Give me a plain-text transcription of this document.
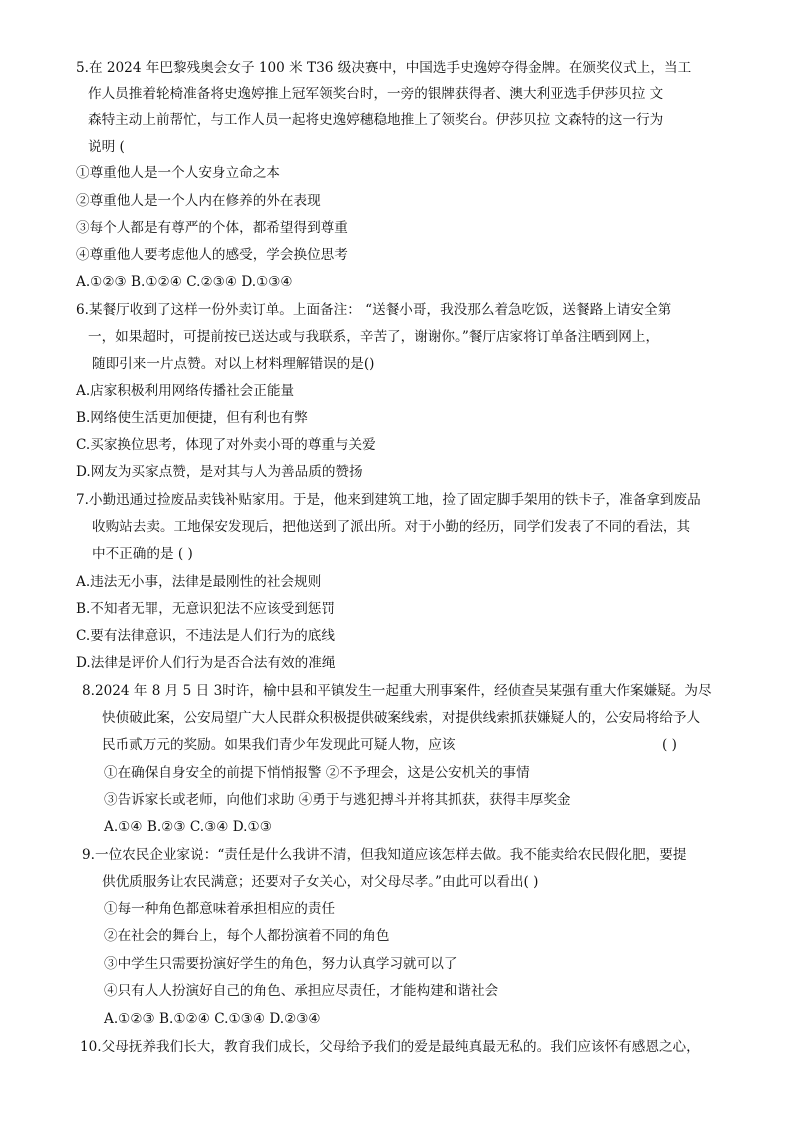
5.在 2024 年巴黎残奥会女子 100 米 T36 级决赛中，中国选手史逸婷夺得金牌。在颁奖仪式上，当工
作人员推着轮椅准备将史逸婷推上冠军领奖台时，一旁的银牌获得者、澳大利亚选手伊莎贝拉 文
森特主动上前帮忙，与工作人员一起将史逸婷穗稳地推上了领奖台。伊莎贝拉 文森特的这一行为
说明 (
①尊重他人是一个人安身立命之本
②尊重他人是一个人内在修养的外在表现
③每个人都是有尊严的个体，都希望得到尊重
④尊重他人要考虑他人的感受，学会换位思考
A.①②③ B.①②④ C.②③④ D.①③④
6.某餐厅收到了这样一份外卖订单。上面备注： “送餐小哥，我没那么着急吃饭，送餐路上请安全第
一，如果超时，可提前按已送达或与我联系，辛苦了，谢谢你。”餐厅店家将订单备注晒到网上，
随即引来一片点赞。对以上材料理解错误的是()
A.店家积极利用网络传播社会正能量
B.网络使生活更加便捷，但有利也有弊
C.买家换位思考，体现了对外卖小哥的尊重与关爱
D.网友为买家点赞，是对其与人为善品质的赞扬
7.小勤迅通过捡废品卖钱补贴家用。于是，他来到建筑工地，捡了固定脚手架用的铁卡子，准备拿到废品
收购站去卖。工地保安发现后，把他送到了派出所。对于小勤的经历，同学们发表了不同的看法，其
中不正确的是 ( )
A.违法无小事，法律是最刚性的社会规则
B.不知者无罪，无意识犯法不应该受到惩罚
C.要有法律意识，不违法是人们行为的底线
D.法律是评价人们行为是否合法有效的准绳
8.2024 年 8 月 5 日 3时许，榆中县和平镇发生一起重大刑事案件，经侦查吴某强有重大作案嫌疑。为尽
快侦破此案，公安局望广大人民群众积极提供破案线索，对提供线索抓获嫌疑人的，公安局将给予人
民币贰万元的奖励。如果我们青少年发现此可疑人物，应该	( )
①在确保自身安全的前提下悄悄报警 ②不予理会，这是公安机关的事情
③告诉家长或老师，向他们求助 ④勇于与逃犯搏斗并将其抓获，获得丰厚奖金
A.①④ B.②③ C.③④ D.①③
9.一位农民企业家说：“责任是什么我讲不清，但我知道应该怎样去做。我不能卖给农民假化肥，要提
供优质服务让农民满意；还要对子女关心，对父母尽孝。”由此可以看出( )
①每一种角色都意味着承担相应的责任
②在社会的舞台上，每个人都扮演着不同的角色
③中学生只需要扮演好学生的角色，努力认真学习就可以了
④只有人人扮演好自己的角色、承担应尽责任，才能构建和谐社会
A.①②③ B.①②④ C.①③④ D.②③④
10.父母抚养我们长大，教育我们成长，父母给予我们的爱是最纯真最无私的。我们应该怀有感恩之心，
